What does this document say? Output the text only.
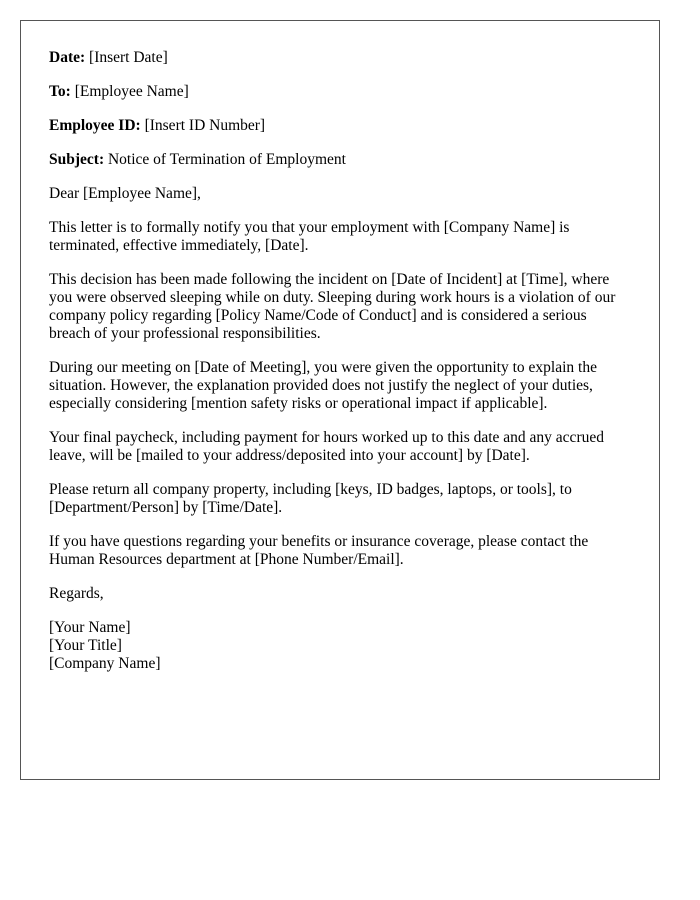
Date: [Insert Date]

To: [Employee Name]

Employee ID: [Insert ID Number]

Subject: Notice of Termination of Employment

Dear [Employee Name],

This letter is to formally notify you that your employment with [Company Name] is terminated, effective immediately, [Date].

This decision has been made following the incident on [Date of Incident] at [Time], where you were observed sleeping while on duty. Sleeping during work hours is a violation of our company policy regarding [Policy Name/Code of Conduct] and is considered a serious breach of your professional responsibilities.

During our meeting on [Date of Meeting], you were given the opportunity to explain the situation. However, the explanation provided does not justify the neglect of your duties, especially considering [mention safety risks or operational impact if applicable].

Your final paycheck, including payment for hours worked up to this date and any accrued leave, will be [mailed to your address/deposited into your account] by [Date].

Please return all company property, including [keys, ID badges, laptops, or tools], to [Department/Person] by [Time/Date].

If you have questions regarding your benefits or insurance coverage, please contact the Human Resources department at [Phone Number/Email].

Regards,

[Your Name]
[Your Title]
[Company Name]
